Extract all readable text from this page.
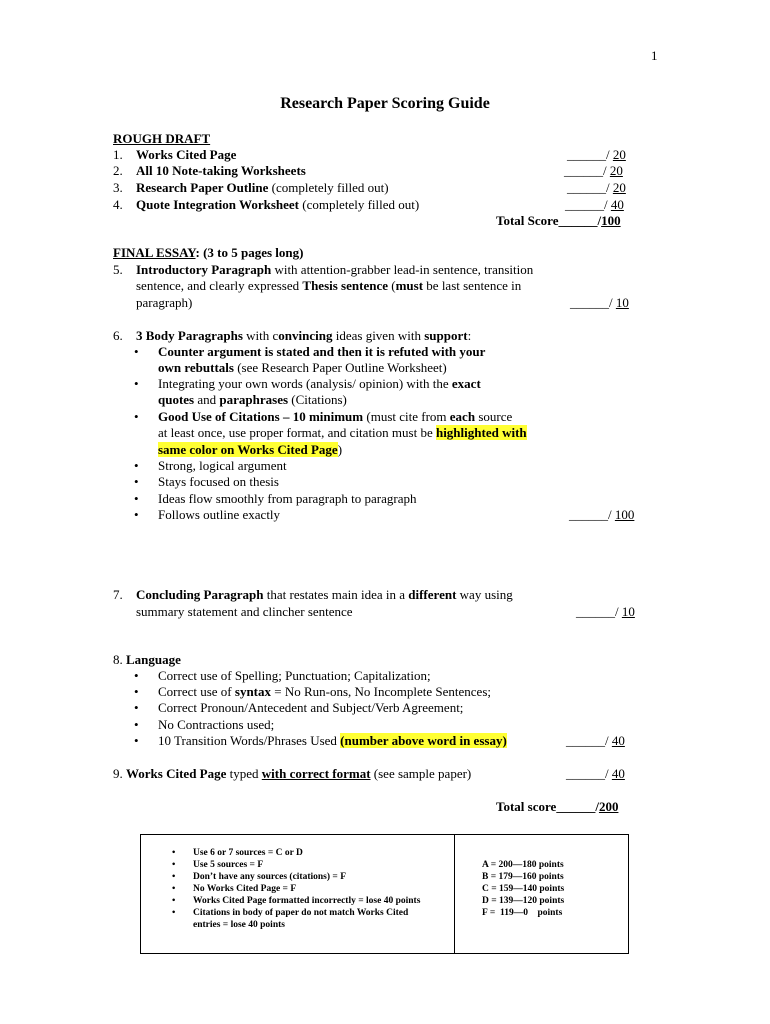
1
Research Paper Scoring Guide
ROUGH DRAFT
1. Works Cited Page	______/ 20
2. All 10 Note-taking Worksheets	______/ 20
3. Research Paper Outline (completely filled out)	______/ 20
4. Quote Integration Worksheet (completely filled out)	______/ 40
Total Score______/100
FINAL ESSAY: (3 to 5 pages long)
5. Introductory Paragraph with attention-grabber lead-in sentence, transition
sentence, and clearly expressed Thesis sentence (must be last sentence in
paragraph)	______/ 10
6. 3 Body Paragraphs with convincing ideas given with support:
• Counter argument is stated and then it is refuted with your
own rebuttals (see Research Paper Outline Worksheet)
• Integrating your own words (analysis/ opinion) with the exact
quotes and paraphrases (Citations)
• Good Use of Citations – 10 minimum (must cite from each source
at least once, use proper format, and citation must be highlighted with
same color on Works Cited Page)
• Strong, logical argument
• Stays focused on thesis
• Ideas flow smoothly from paragraph to paragraph
• Follows outline exactly	______/ 100
7. Concluding Paragraph that restates main idea in a different way using
summary statement and clincher sentence	______/ 10
8. Language
• Correct use of Spelling; Punctuation; Capitalization;
• Correct use of syntax = No Run-ons, No Incomplete Sentences;
• Correct Pronoun/Antecedent and Subject/Verb Agreement;
• No Contractions used;
• 10 Transition Words/Phrases Used (number above word in essay)	______/ 40
9. Works Cited Page typed with correct format (see sample paper)	______/ 40
Total score______/200
• Use 6 or 7 sources = C or D
• Use 5 sources = F
• Don’t have any sources (citations) = F
• No Works Cited Page = F
• Works Cited Page formatted incorrectly = lose 40 points
• Citations in body of paper do not match Works Cited
entries = lose 40 points
A = 200—180 points
B = 179—160 points
C = 159—140 points
D = 139—120 points
F =  119—0    points
